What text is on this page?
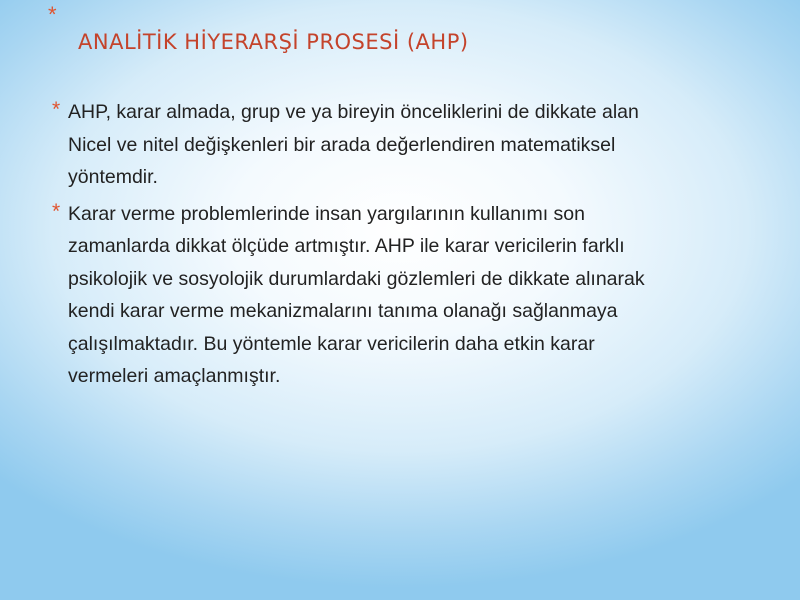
*
ANALİTİK HİYERARŞİ PROSESİ (AHP)
* AHP, karar almada, grup ve ya bireyin önceliklerini de dikkate alan
Nicel ve nitel değişkenleri bir arada değerlendiren matematiksel
yöntemdir.
* Karar verme problemlerinde insan yargılarının kullanımı son
zamanlarda dikkat ölçüde artmıştır. AHP ile karar vericilerin farklı
psikolojik ve sosyolojik durumlardaki gözlemleri de dikkate alınarak
kendi karar verme mekanizmalarını tanıma olanağı sağlanmaya
çalışılmaktadır. Bu yöntemle karar vericilerin daha etkin karar
vermeleri amaçlanmıştır.
